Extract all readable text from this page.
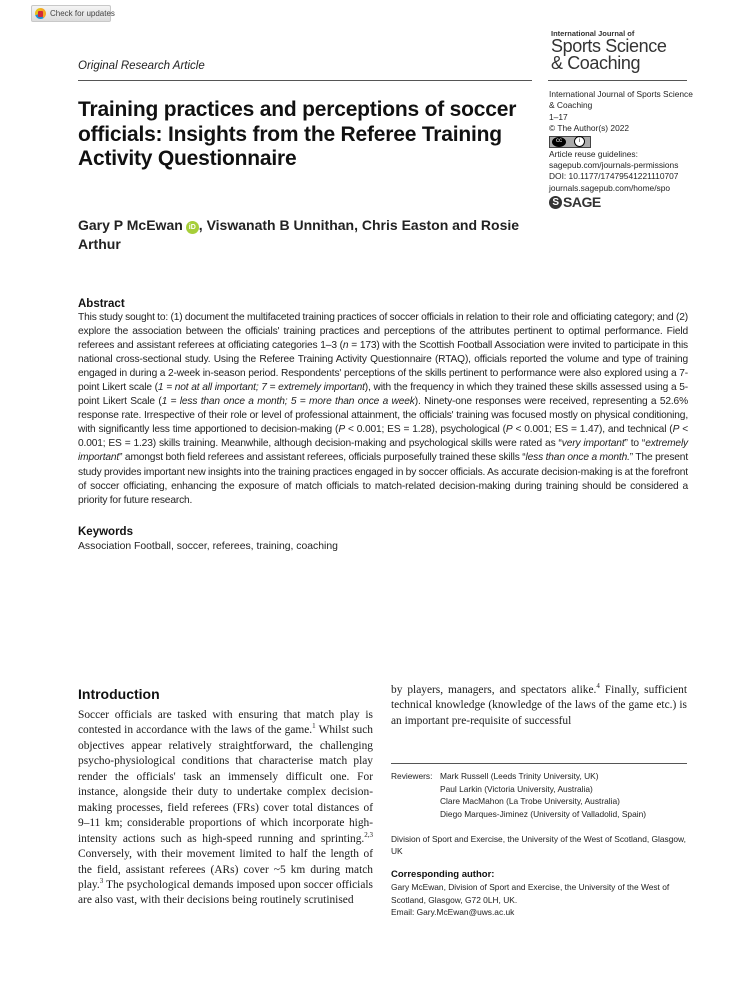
Check for updates
Original Research Article
International Journal of
Sports Science
& Coaching
International Journal of Sports Science
& Coaching
1–17
© The Author(s) 2022
cc	i
Article reuse guidelines:
sagepub.com/journals-permissions
DOI: 10.1177/17479541221110707
journals.sagepub.com/home/spo
S SAGE
Training practices and perceptions of soccer officials: Insights from the Referee Training Activity Questionnaire
Gary P McEwan iD , Viswanath B Unnithan, Chris Easton and Rosie Arthur
Abstract
This study sought to: (1) document the multifaceted training practices of soccer officials in relation to their role and officiating category; and (2) explore the association between the officials' training practices and perceptions of the attributes pertinent to optimal performance. Field referees and assistant referees at officiating categories 1–3 (n = 173) with the Scottish Football Association were invited to participate in this national cross-sectional study. Using the Referee Training Activity Questionnaire (RTAQ), officials reported the volume and type of training engaged in during a 2-week in-season period. Respondents' perceptions of the skills pertinent to performance were also explored using a 7-point Likert scale (1 = not at all important; 7 = extremely important), with the frequency in which they trained these skills assessed using a 5-point Likert Scale (1 = less than once a month; 5 = more than once a week). Ninety-one responses were received, representing a 52.6% response rate. Irrespective of their role or level of professional attainment, the officials' training was focused mostly on physical conditioning, with significantly less time apportioned to decision-making (P < 0.001; ES = 1.28), psychological (P < 0.001; ES = 1.47), and technical (P < 0.001; ES = 1.23) skills training. Meanwhile, although decision-making and psychological skills were rated as “very important” to “extremely important” amongst both field referees and assistant referees, officials purposefully trained these skills “less than once a month.” The present study provides important new insights into the training practices engaged in by soccer officials. As accurate decision-making is at the forefront of soccer officiating, enhancing the exposure of match officials to match-related decision-making during training should be considered a priority for future research.
Keywords
Association Football, soccer, referees, training, coaching
Introduction
Soccer officials are tasked with ensuring that match play is contested in accordance with the laws of the game.$^1$ Whilst such objectives appear relatively straightforward, the challenging psycho-physiological conditions that characterise match play render the officials' task an immensely difficult one. For instance, alongside their duty to undertake complex decision-making processes, field referees (FRs) cover total distances of 9–11 km; considerable proportions of which incorporate high-intensity actions such as high-speed running and sprinting.$^{2,3}$ Conversely, with their movement limited to half the length of the field, assistant referees (ARs) cover ~5 km during match play.$^3$ The psychological demands imposed upon soccer officials are also vast, with their decisions being routinely scrutinised
by players, managers, and spectators alike.$^4$ Finally, sufficient technical knowledge (knowledge of the laws of the game etc.) is an important pre-requisite of successful
Reviewers: Mark Russell (Leeds Trinity University, UK)
Paul Larkin (Victoria University, Australia)
Clare MacMahon (La Trobe University, Australia)
Diego Marques-Jiminez (University of Valladolid, Spain)
Division of Sport and Exercise, the University of the West of Scotland, Glasgow, UK
Corresponding author:
Gary McEwan, Division of Sport and Exercise, the University of the West of Scotland, Glasgow, G72 0LH, UK.
Email: Gary.McEwan@uws.ac.uk
